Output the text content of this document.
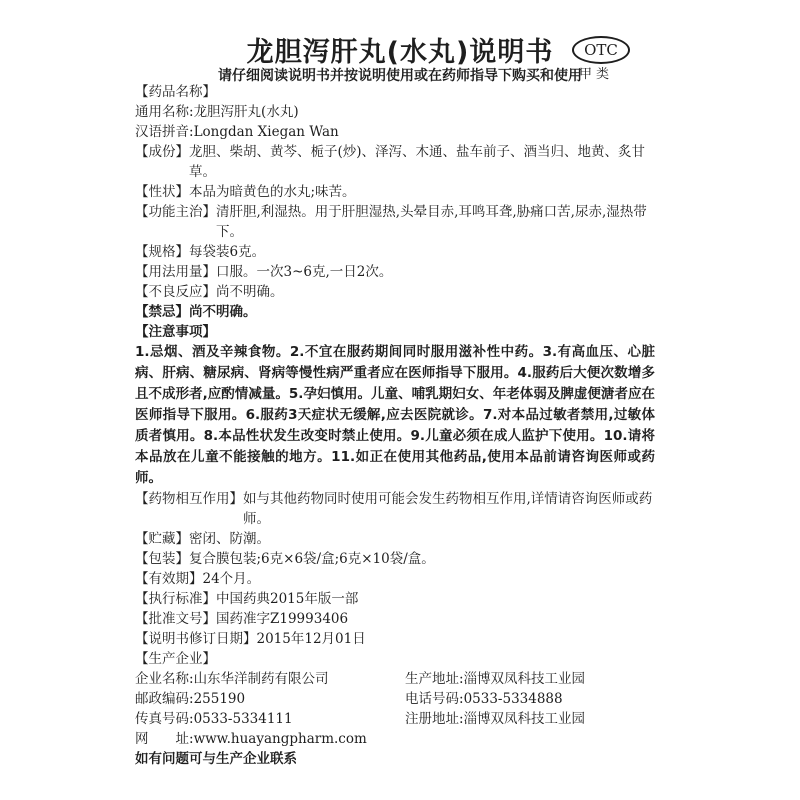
龙胆泻肝丸(水丸)说明书	OTC
甲类
请仔细阅读说明书并按说明使用或在药师指导下购买和使用
【药品名称】
通用名称:龙胆泻肝丸(水丸)
汉语拼音:Longdan Xiegan Wan
【成份】 龙胆、柴胡、黄芩、栀子(炒)、泽泻、木通、盐车前子、酒当归、地黄、炙甘草。
【性状】 本品为暗黄色的水丸;味苦。
【功能主治】 清肝胆,利湿热。用于肝胆湿热,头晕目赤,耳鸣耳聋,胁痛口苦,尿赤,湿热带下。
【规格】 每袋装6克。
【用法用量】 口服。一次3~6克,一日2次。
【不良反应】 尚不明确。
【禁忌】 尚不明确。
【注意事项】
1.忌烟、酒及辛辣食物。2.不宜在服药期间同时服用滋补性中药。3.有高血压、心脏病、肝病、糖尿病、肾病等慢性病严重者应在医师指导下服用。4.服药后大便次数增多且不成形者,应酌情减量。5.孕妇慎用。儿童、哺乳期妇女、年老体弱及脾虚便溏者应在医师指导下服用。6.服药3天症状无缓解,应去医院就诊。7.对本品过敏者禁用,过敏体质者慎用。8.本品性状发生改变时禁止使用。9.儿童必须在成人监护下使用。10.请将本品放在儿童不能接触的地方。11.如正在使用其他药品,使用本品前请咨询医师或药师。
【药物相互作用】 如与其他药物同时使用可能会发生药物相互作用,详情请咨询医师或药师。
【贮藏】 密闭、防潮。
【包装】 复合膜包装;6克×6袋/盒;6克×10袋/盒。
【有效期】 24个月。
【执行标准】 中国药典2015年版一部
【批准文号】 国药准字Z19993406
【说明书修订日期】 2015年12月01日
【生产企业】
企业名称:山东华洋制药有限公司	生产地址:淄博双凤科技工业园
邮政编码:255190	电话号码:0533-5334888
传真号码:0533-5334111	注册地址:淄博双凤科技工业园
网　　址:www.huayangpharm.com
如有问题可与生产企业联系
